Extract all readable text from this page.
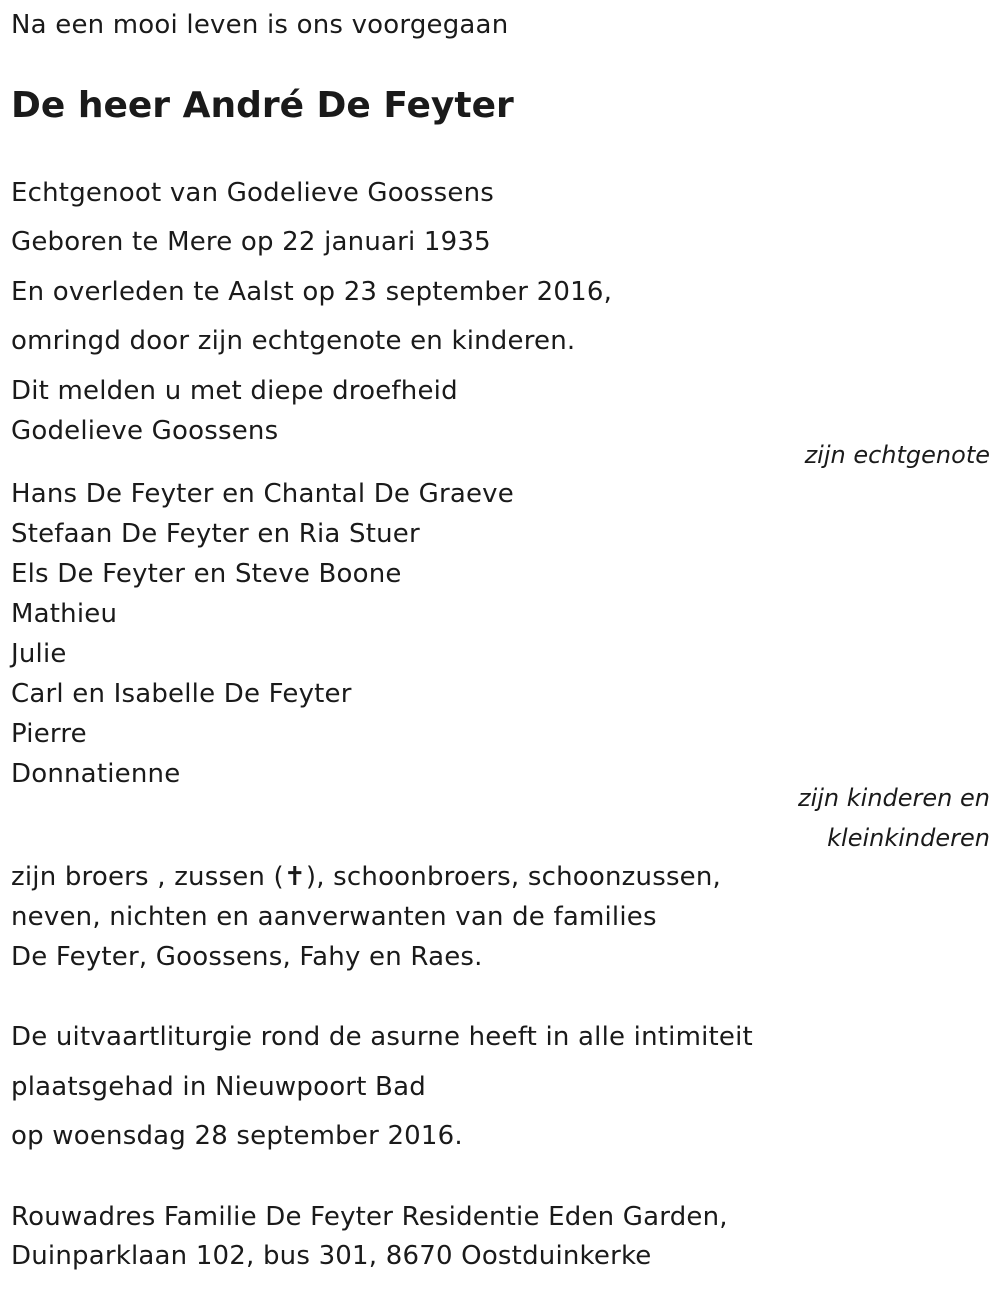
Na een mooi leven is ons voorgegaan
De heer André De Feyter
Echtgenoot van Godelieve Goossens
Geboren te Mere op 22 januari 1935
En overleden te Aalst op 23 september 2016,
omringd door zijn echtgenote en kinderen.
Dit melden u met diepe droefheid
Godelieve Goossens
zijn echtgenote
Hans De Feyter en Chantal De Graeve
Stefaan De Feyter en Ria Stuer
Els De Feyter en Steve Boone
Mathieu
Julie
Carl en Isabelle De Feyter
Pierre
Donnatienne
zijn kinderen en
kleinkinderen
zijn broers , zussen (✝), schoonbroers, schoonzussen,
neven, nichten en aanverwanten van de families
De Feyter, Goossens, Fahy en Raes.
De uitvaartliturgie rond de asurne heeft in alle intimiteit
plaatsgehad in Nieuwpoort Bad
op woensdag 28 september 2016.
Rouwadres Familie De Feyter Residentie Eden Garden,
Duinparklaan 102, bus 301, 8670 Oostduinkerke
